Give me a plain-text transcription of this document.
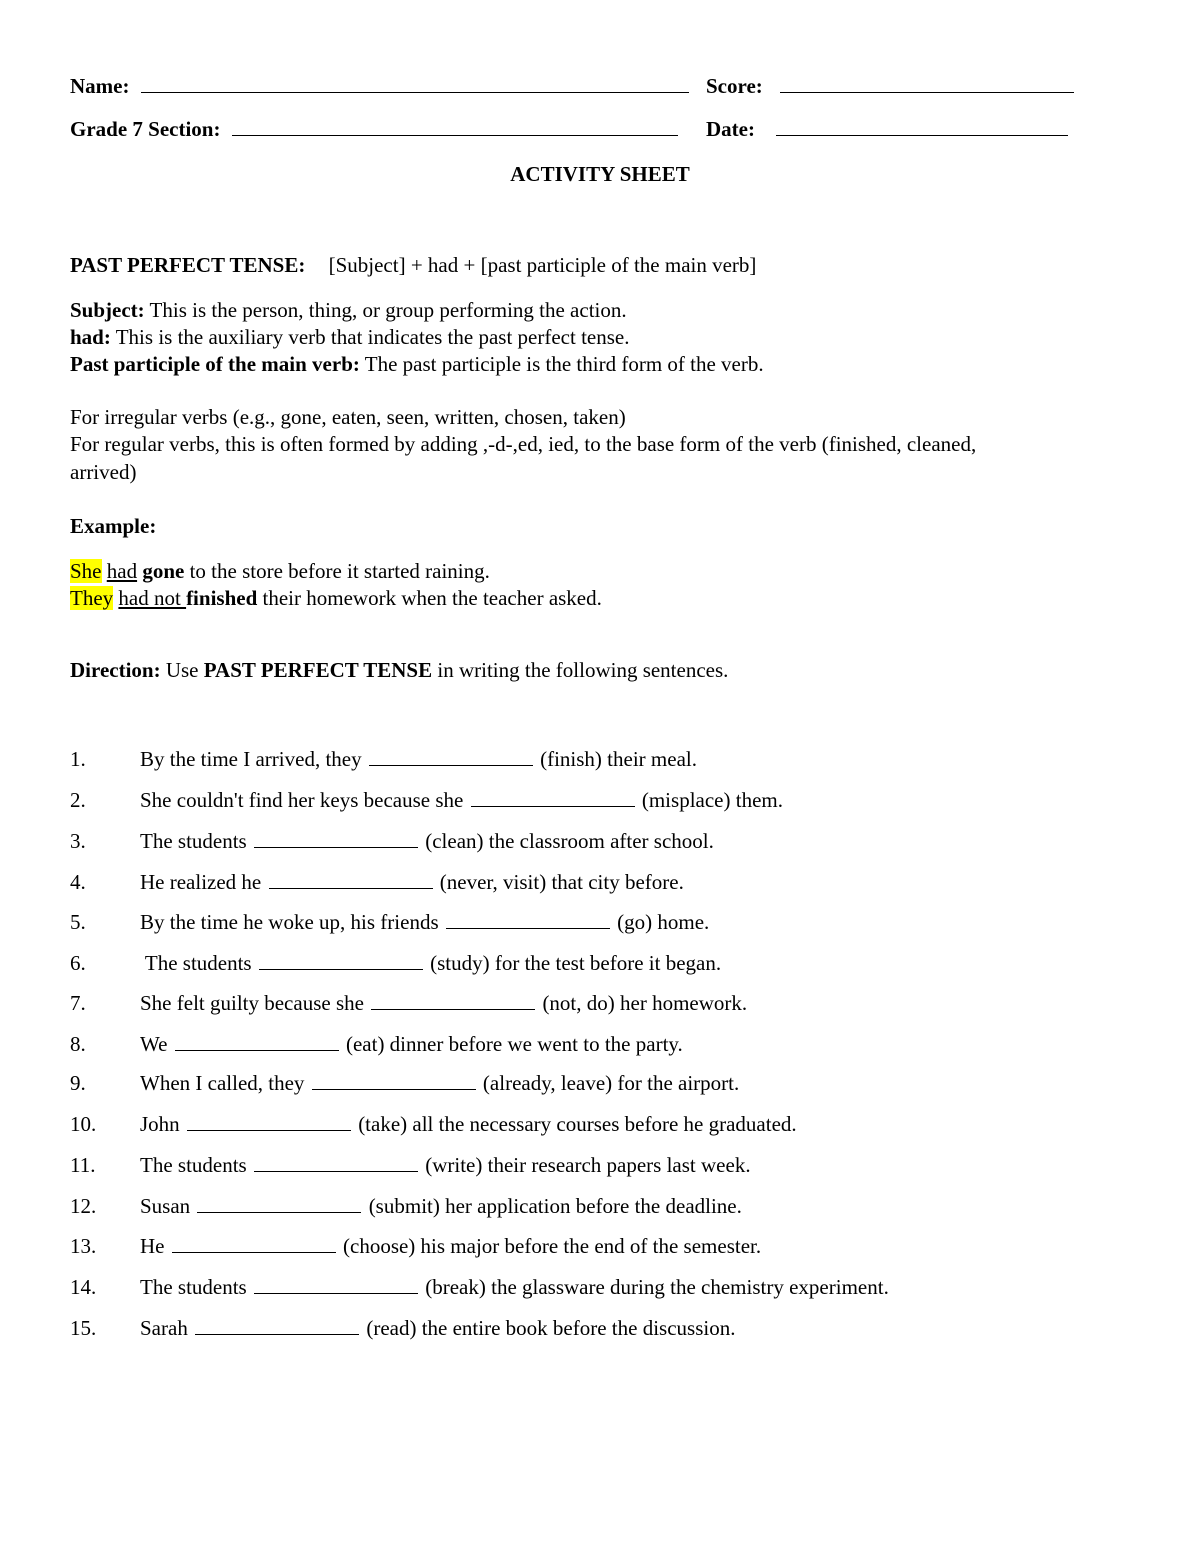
Name:	Score:
Grade 7 Section:	Date:
ACTIVITY SHEET
PAST PERFECT TENSE: [Subject] + had + [past participle of the main verb]
Subject: This is the person, thing, or group performing the action.
had: This is the auxiliary verb that indicates the past perfect tense.
Past participle of the main verb: The past participle is the third form of the verb.
For irregular verbs (e.g., gone, eaten, seen, written, chosen, taken)
For regular verbs, this is often formed by adding ,-d-,ed, ied, to the base form of the verb (finished, cleaned,
arrived)
Example:
She had gone to the store before it started raining.
They had not finished their homework when the teacher asked.
Direction: Use PAST PERFECT TENSE in writing the following sentences.
1.	By the time I arrived, they	(finish) their meal.
2.	She couldn't find her keys because she	(misplace) them.
3.	The students	(clean) the classroom after school.
4.	He realized he	(never, visit) that city before.
5.	By the time he woke up, his friends	(go) home.
6.	The students	(study) for the test before it began.
7.	She felt guilty because she	(not, do) her homework.
8.	We	(eat) dinner before we went to the party.
9.	When I called, they	(already, leave) for the airport.
10. John	(take) all the necessary courses before he graduated.
11. The students	(write) their research papers last week.
12. Susan	(submit) her application before the deadline.
13. He	(choose) his major before the end of the semester.
14. The students	(break) the glassware during the chemistry experiment.
15. Sarah	(read) the entire book before the discussion.
